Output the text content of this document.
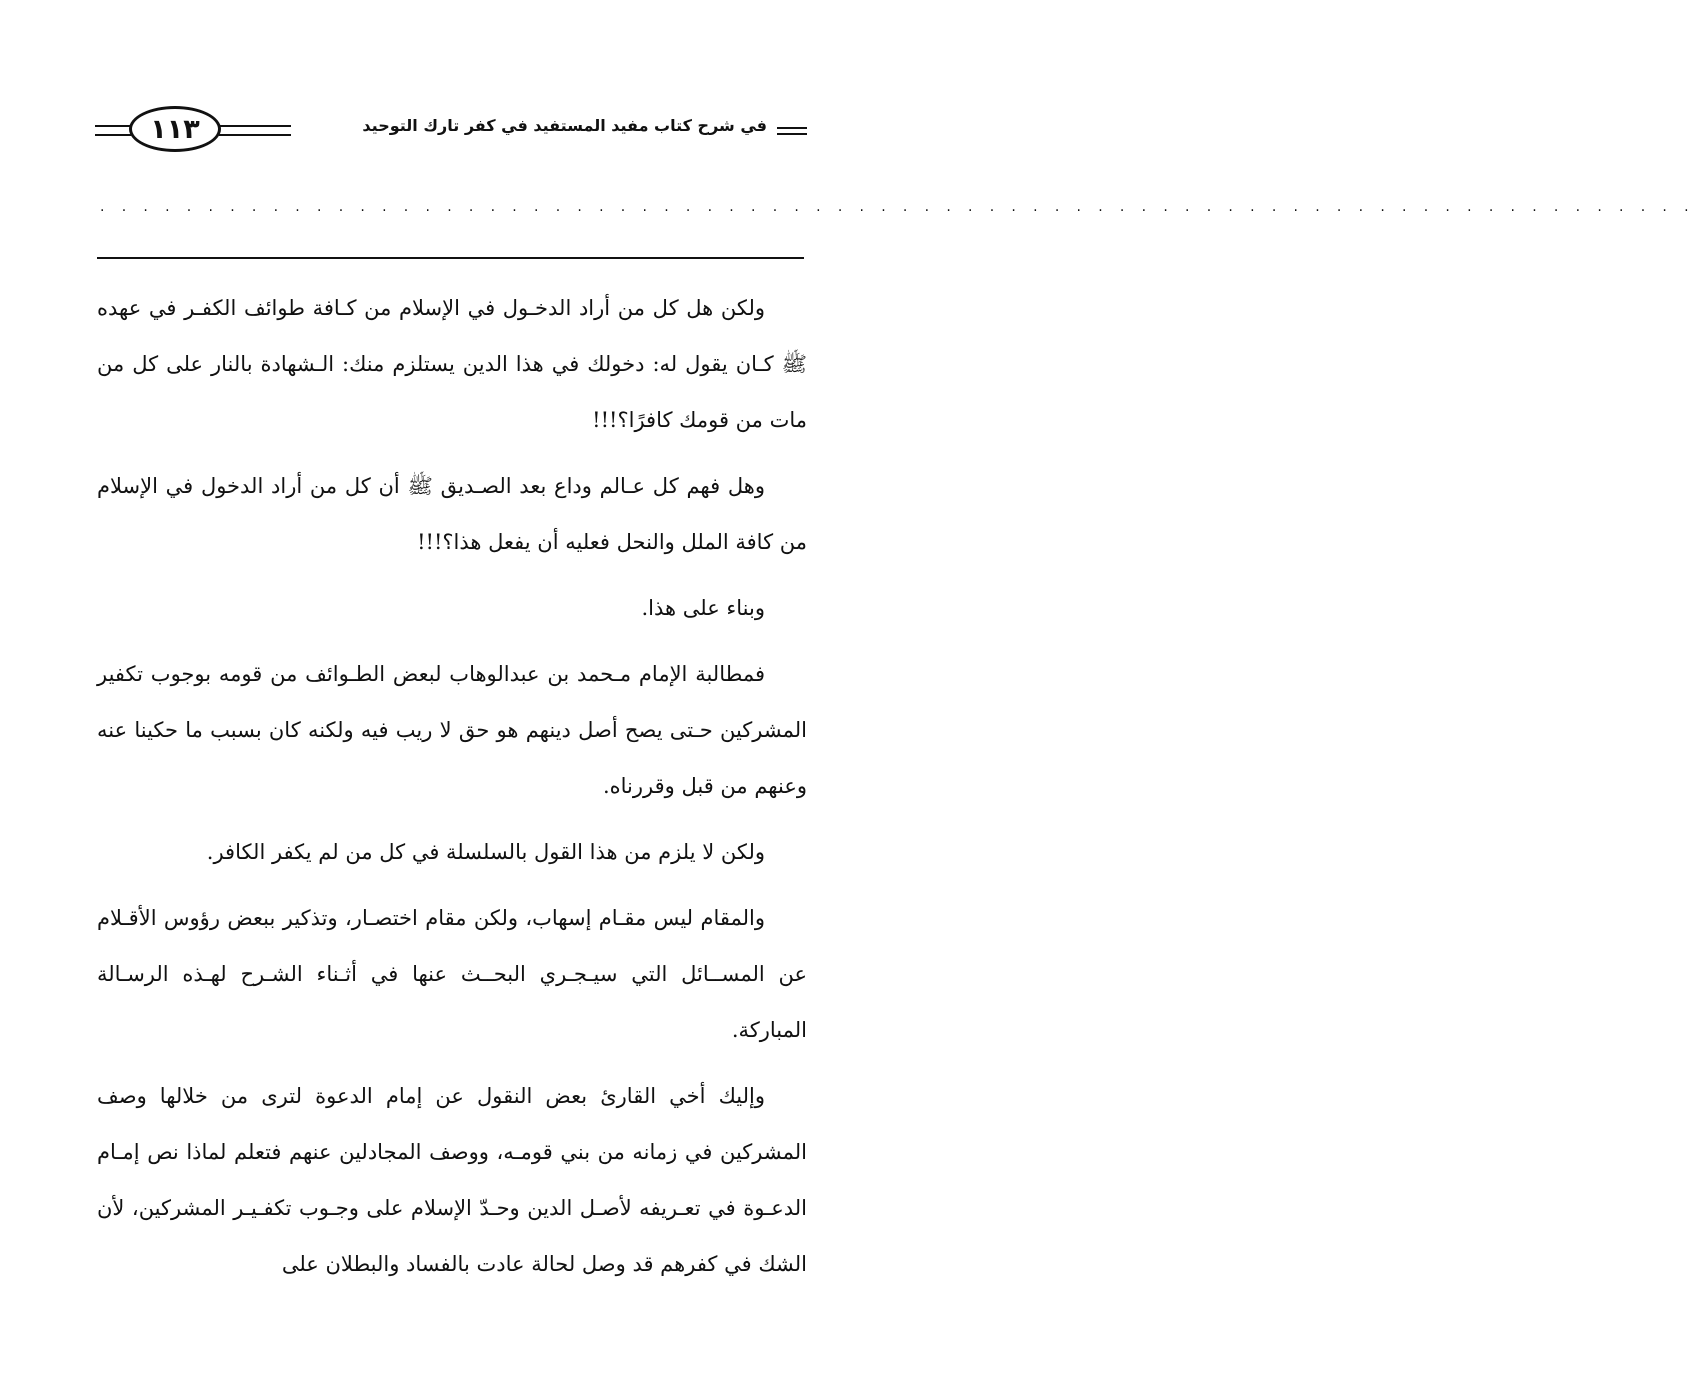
١١٣	في شرح كتاب مفيد المستفيد في كفر تارك التوحيد
. . . . . . . . . . . . . . . . . . . . . . . . . . . . . . . . . . . . . . . . . . . . . . . . . . . . . . . . . . . . . . . . . . . . . . . . . .

ولكن هل كل من أراد الدخـول في الإسلام من كـافة طوائف الكفـر في عهده ﷺ كـان يقول له: دخولك في هذا الدين يستلزم منك: الـشهادة بالنار على كل من مات من قومك كافرًا؟!!!

وهل فهم كل عـالم وداع بعد الصـديق ﷺ أن كل من أراد الدخول في الإسلام من كافة الملل والنحل فعليه أن يفعل هذا؟!!!

وبناء على هذا.

فمطالبة الإمام مـحمد بن عبدالوهاب لبعض الطـوائف من قومه بوجوب تكفير المشركين حـتى يصح أصل دينهم هو حق لا ريب فيه ولكنه كان بسبب ما حكينا عنه وعنهم من قبل وقررناه.

ولكن لا يلزم من هذا القول بالسلسلة في كل من لم يكفر الكافر.

والمقام ليس مقـام إسهاب، ولكن مقام اختصـار، وتذكير ببعض رؤوس الأقـلام عن المســائل التي سيـجـري البحــث عنها في أثـناء الشـرح لهـذه الرسـالة المباركة.

وإليك أخي القارئ بعض النقول عن إمام الدعوة لترى من خلالها وصف المشركين في زمانه من بني قومـه، ووصف المجادلين عنهم فتعلم لماذا نص إمـام الدعـوة في تعـريفه لأصـل الدين وحـدّ الإسلام على وجـوب تكفـيـر المشركين، لأن الشك في كفرهم قد وصل لحالة عادت بالفساد والبطلان على
